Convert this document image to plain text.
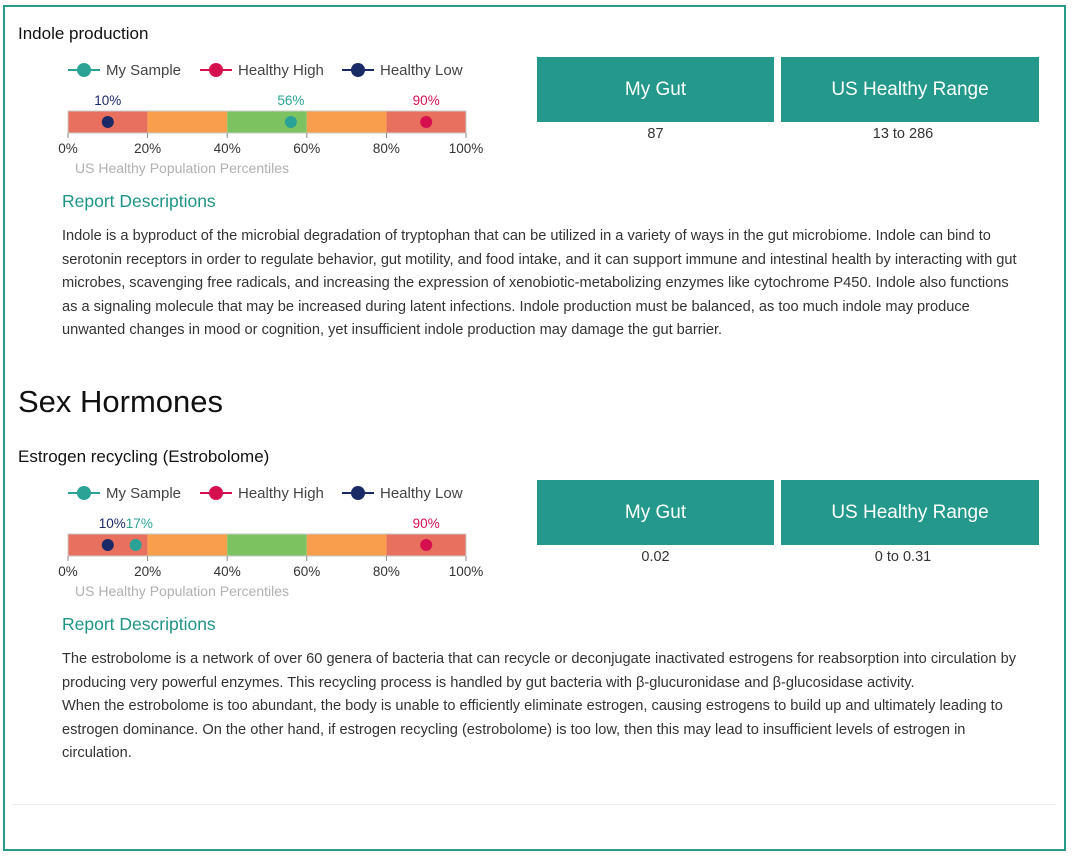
Indole production
My Sample	Healthy High	Healthy Low
0%	20%	40%	60%	80%	100%
US Healthy Population Percentiles
10%	56%	90%
My Gut	US Healthy Range
87	13 to 286
Report Descriptions

Indole is a byproduct of the microbial degradation of tryptophan that can be utilized in a variety of ways in the gut microbiome. Indole can bind to serotonin receptors in order to regulate behavior, gut motility, and food intake, and it can support immune and intestinal health by interacting with gut microbes, scavenging free radicals, and increasing the expression of xenobiotic-metabolizing enzymes like cytochrome P450. Indole also functions as a signaling molecule that may be increased during latent infections. Indole production must be balanced, as too much indole may produce unwanted changes in mood or cognition, yet insufficient indole production may damage the gut barrier.

Sex Hormones
Estrogen recycling (Estrobolome)
My Sample	Healthy High	Healthy Low
0%	20%	40%	60%	80%	100%
US Healthy Population Percentiles
10% 17%	90%
My Gut	US Healthy Range
0.02	0 to 0.31
Report Descriptions

The estrobolome is a network of over 60 genera of bacteria that can recycle or deconjugate inactivated estrogens for reabsorption into circulation by producing very powerful enzymes. This recycling process is handled by gut bacteria with β-glucuronidase and β-glucosidase activity.

When the estrobolome is too abundant, the body is unable to efficiently eliminate estrogen, causing estrogens to build up and ultimately leading to estrogen dominance. On the other hand, if estrogen recycling (estrobolome) is too low, then this may lead to insufficient levels of estrogen in circulation.
